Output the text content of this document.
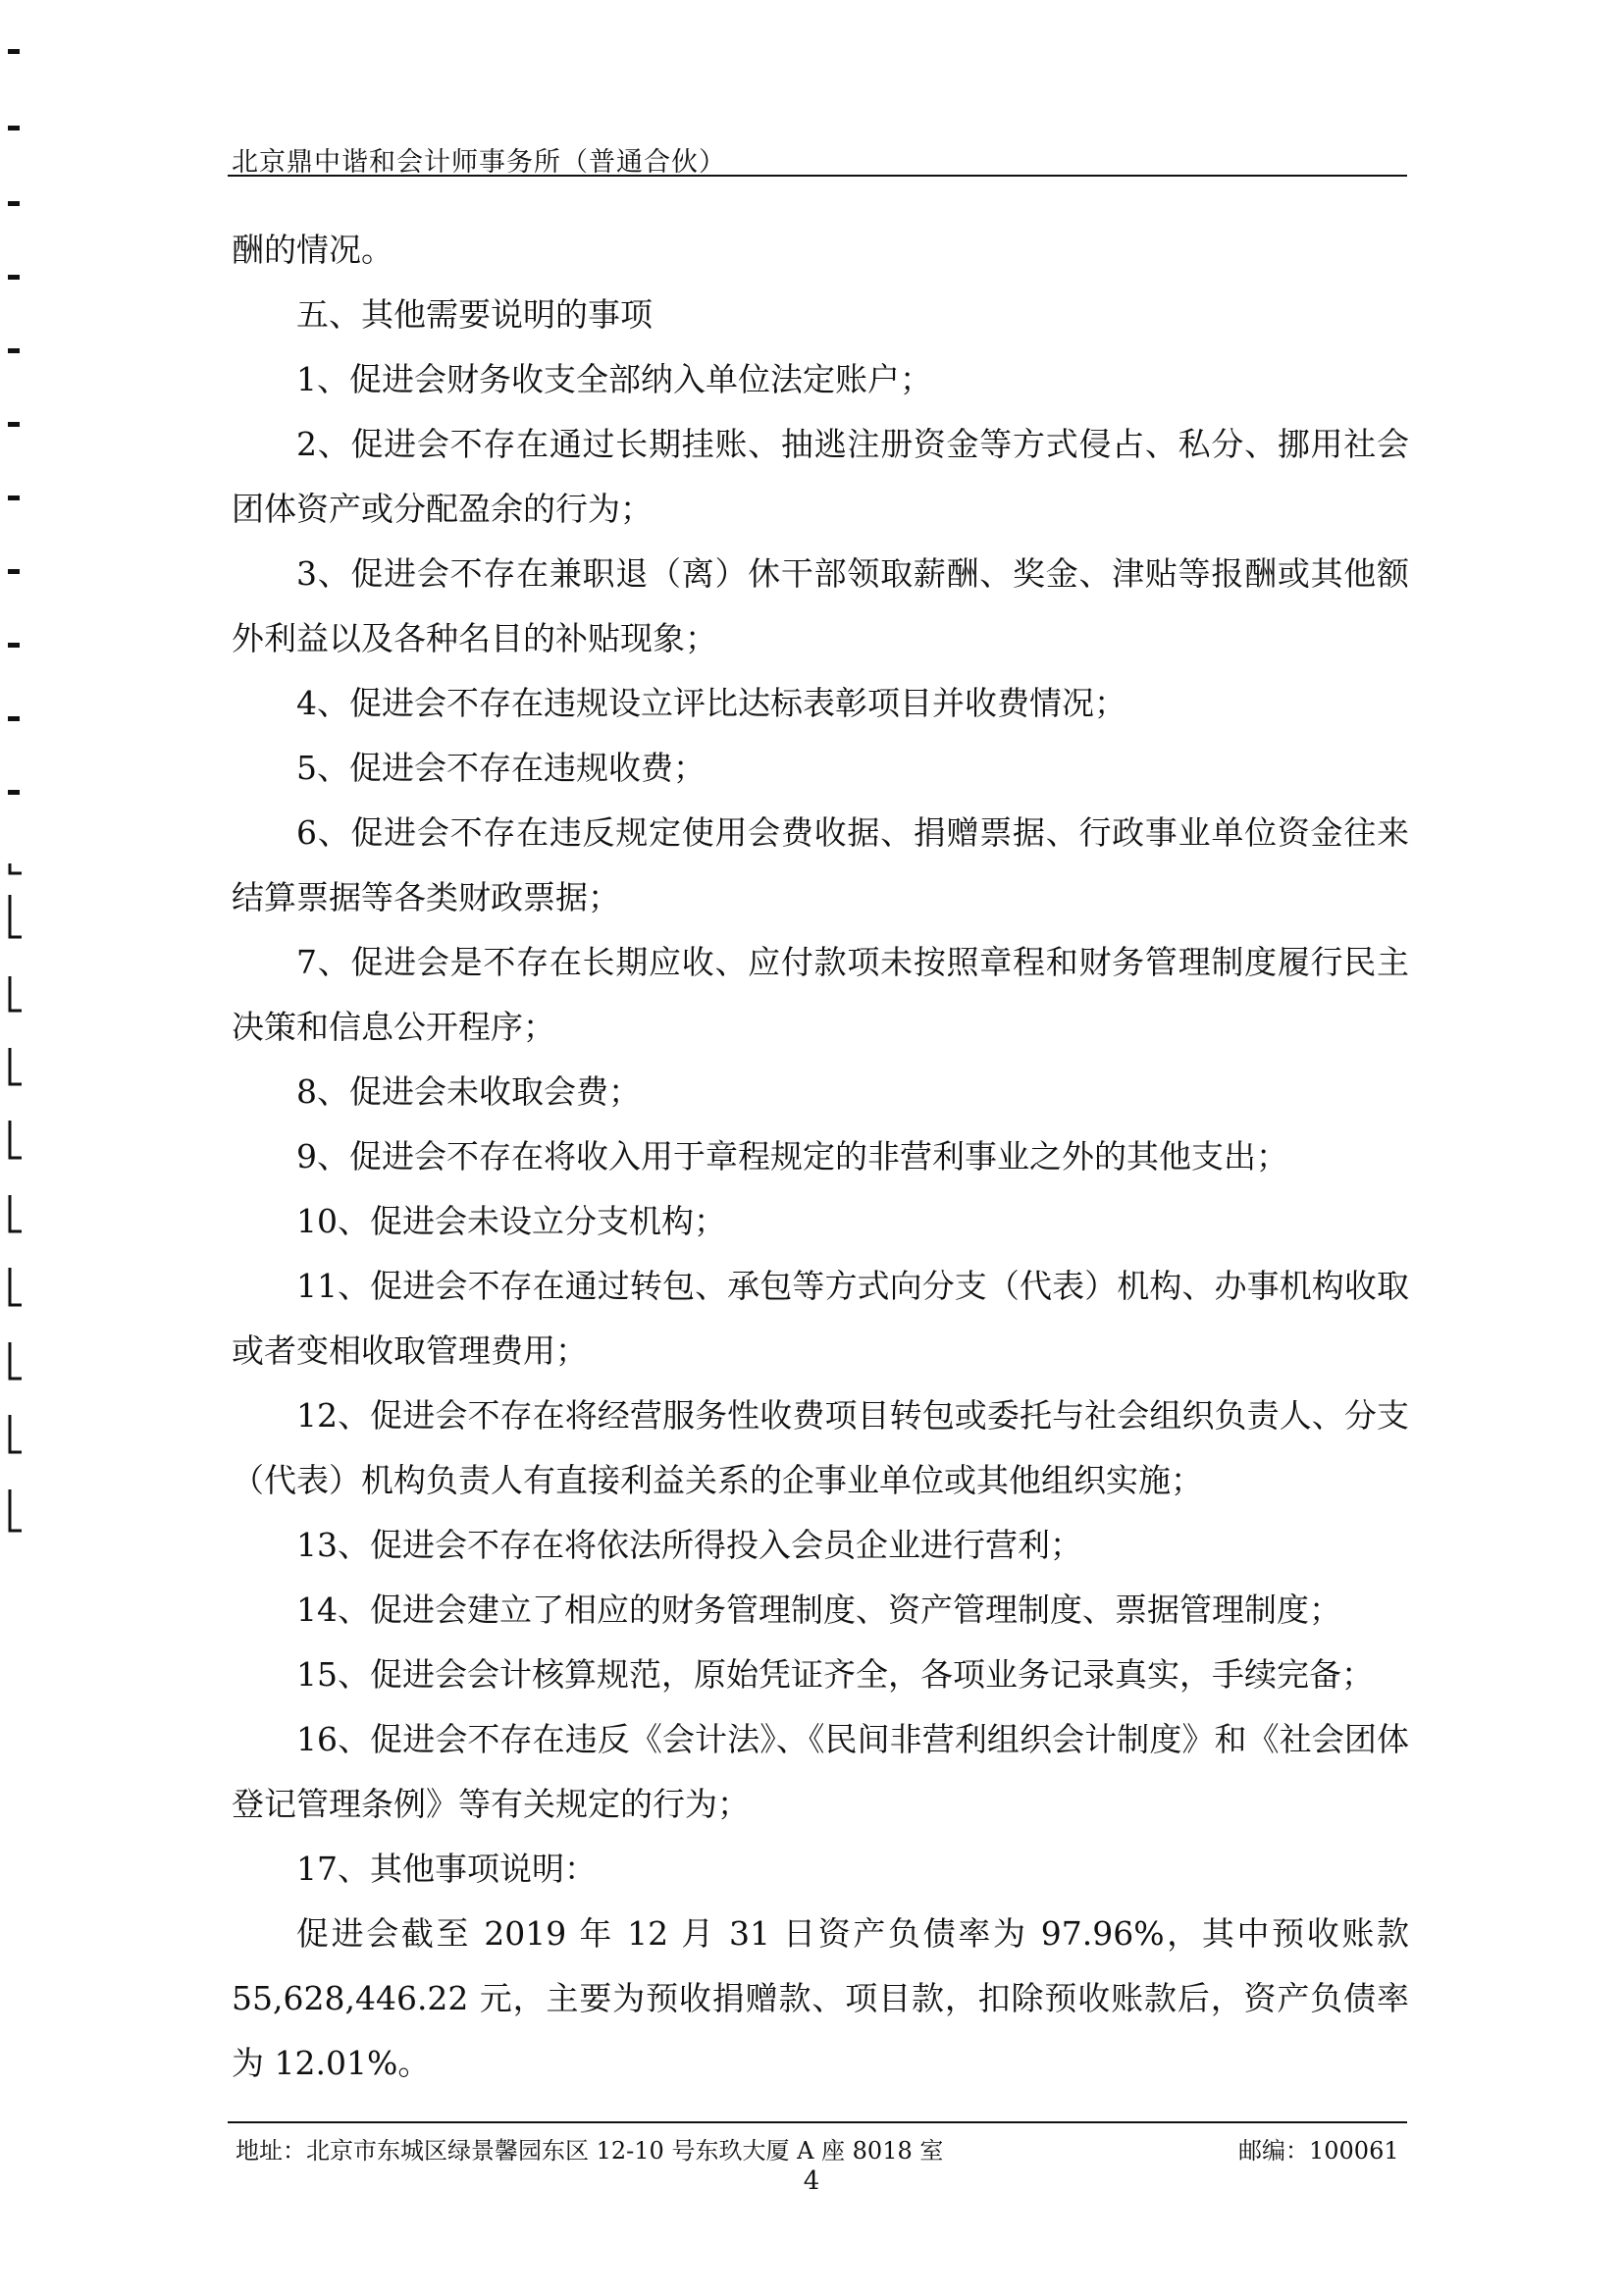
北京鼎中谐和会计师事务所（普通合伙）

酬的情况。

五、其他需要说明的事项

1、促进会财务收支全部纳入单位法定账户；

2、促进会不存在通过长期挂账、抽逃注册资金等方式侵占、私分、挪用社会团体资产或分配盈余的行为；

3、促进会不存在兼职退（离）休干部领取薪酬、奖金、津贴等报酬或其他额外利益以及各种名目的补贴现象；

4、促进会不存在违规设立评比达标表彰项目并收费情况；

5、促进会不存在违规收费；

6、促进会不存在违反规定使用会费收据、捐赠票据、行政事业单位资金往来结算票据等各类财政票据；

7、促进会是不存在长期应收、应付款项未按照章程和财务管理制度履行民主决策和信息公开程序；

8、促进会未收取会费；

9、促进会不存在将收入用于章程规定的非营利事业之外的其他支出；

10、促进会未设立分支机构；

11、促进会不存在通过转包、承包等方式向分支（代表）机构、办事机构收取或者变相收取管理费用；

12、促进会不存在将经营服务性收费项目转包或委托与社会组织负责人、分支（代表）机构负责人有直接利益关系的企事业单位或其他组织实施；

13、促进会不存在将依法所得投入会员企业进行营利；

14、促进会建立了相应的财务管理制度、资产管理制度、票据管理制度；

15、促进会会计核算规范，原始凭证齐全，各项业务记录真实，手续完备；

16、促进会不存在违反《会计法》、《民间非营利组织会计制度》和《社会团体登记管理条例》等有关规定的行为；

17、其他事项说明：

促进会截至 2019 年 12 月 31 日资产负债率为 97.96%，其中预收账款 55,628,446.22 元，主要为预收捐赠款、项目款，扣除预收账款后，资产负债率为 12.01%。

地址：北京市东城区绿景馨园东区 12-10 号东玖大厦 A 座 8018 室	邮编：100061
4
